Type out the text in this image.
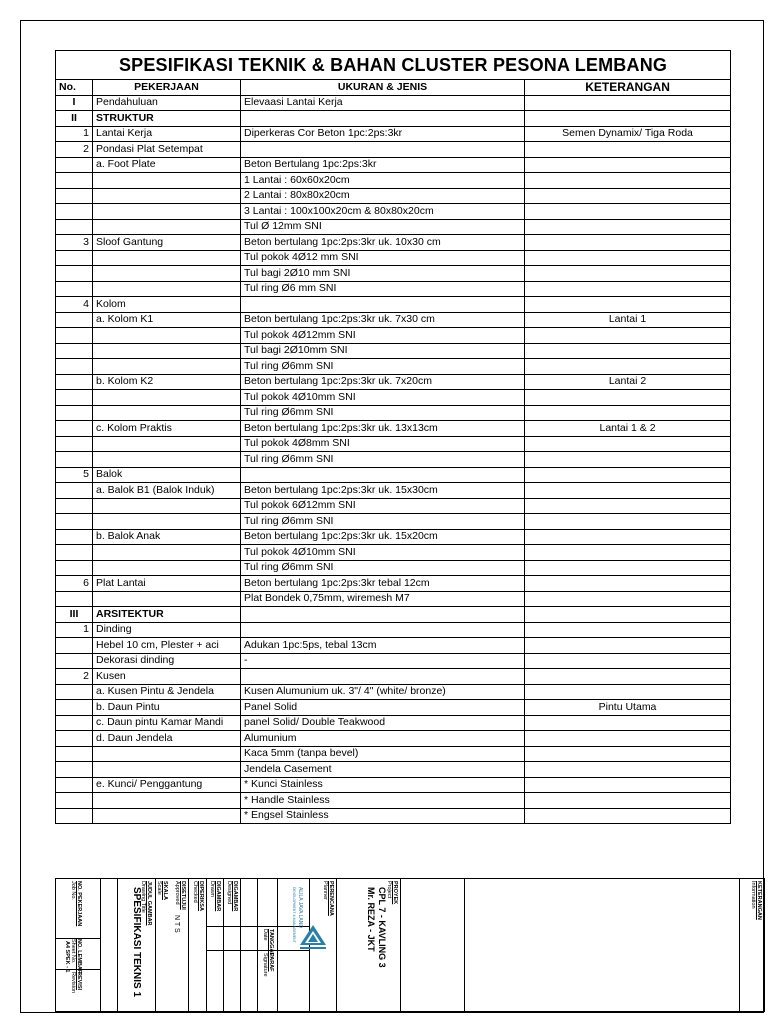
SPESIFIKASI TEKNIK & BAHAN CLUSTER PESONA LEMBANG			
No.	PEKERJAAN	UKURAN & JENIS	KETERANGAN
I	Pendahuluan	Elevaasi Lantai Kerja	
II	STRUKTUR		
1	Lantai Kerja	Diperkeras Cor Beton 1pc:2ps:3kr	Semen Dynamix/ Tiga Roda
2	Pondasi Plat Setempat		
	a. Foot Plate	Beton Bertulang 1pc:2ps:3kr	
		1 Lantai : 60x60x20cm	
		2 Lantai : 80x80x20cm	
		3 Lantai : 100x100x20cm & 80x80x20cm	
		Tul Ø 12mm SNI	
3	Sloof Gantung	Beton bertulang 1pc:2ps:3kr uk. 10x30 cm	
		Tul pokok 4Ø12 mm SNI	
		Tul bagi 2Ø10 mm SNI	
		Tul ring Ø6 mm SNI	
4	Kolom		
	a. Kolom K1	Beton bertulang 1pc:2ps:3kr uk. 7x30 cm	Lantai 1
		Tul pokok 4Ø12mm SNI	
		Tul bagi 2Ø10mm SNI	
		Tul ring Ø6mm SNI	
	b. Kolom K2	Beton bertulang 1pc:2ps:3kr uk. 7x20cm	Lantai 2
		Tul pokok 4Ø10mm SNI	
		Tul ring Ø6mm SNI	
	c. Kolom Praktis	Beton bertulang 1pc:2ps:3kr uk. 13x13cm	Lantai 1 & 2
		Tul pokok 4Ø8mm SNI	
		Tul ring Ø6mm SNI	
5	Balok		
	a. Balok B1 (Balok Induk)	Beton bertulang 1pc:2ps:3kr uk. 15x30cm	
		Tul pokok 6Ø12mm SNI	
		Tul ring Ø6mm SNI	
	b. Balok Anak	Beton bertulang 1pc:2ps:3kr uk. 15x20cm	
		Tul pokok 4Ø10mm SNI	
		Tul ring Ø6mm SNI	
6	Plat Lantai	Beton bertulang 1pc:2ps:3kr tebal 12cm	
		Plat Bondek 0,75mm, wiremesh M7	
III	ARSITEKTUR		
1	Dinding		
	Hebel 10 cm, Plester + aci	Adukan 1pc:5ps, tebal 13cm	
	Dekorasi dinding	-	
2	Kusen		
	a. Kusen Pintu & Jendela	Kusen Alumunium uk. 3"/ 4" (white/ bronze)	
	b. Daun Pintu	Panel Solid	Pintu Utama
	c. Daun pintu Kamar Mandi	panel Solid/ Double Teakwood	
	d. Daun Jendela	Alumunium	
		Kaca 5mm (tanpa bevel)	
		Jendela Casement	
	e. Kunci/ Penggantung	* Kunci Stainless	
		* Handle Stainless	
		* Engsel Stainless	
NO. PEKERJAAN
Job No.
NO. LEMBAR
Sheet No.
A4 SPEK - 1
REVISI
Revision
JUDUL GAMBAR
Drawing Title
SPESIFIKASI TEKNIS 1	SKALA
Scale
N T S
DISETUJUI
Approved	DIPERIKSA
Checked	DIGAMBAR
Drawn	DIGAMBAR
Designed
TANGGAL
Date
PARAF
Signature
ALILA JAVA LAND
DEVELOPMENT & MANAGEMENT	PERENCANA
Planner	PROYEK
Project
CPL 7 - KAVLING 3
Mr. REZA - JKT	KETERANGAN
Information
